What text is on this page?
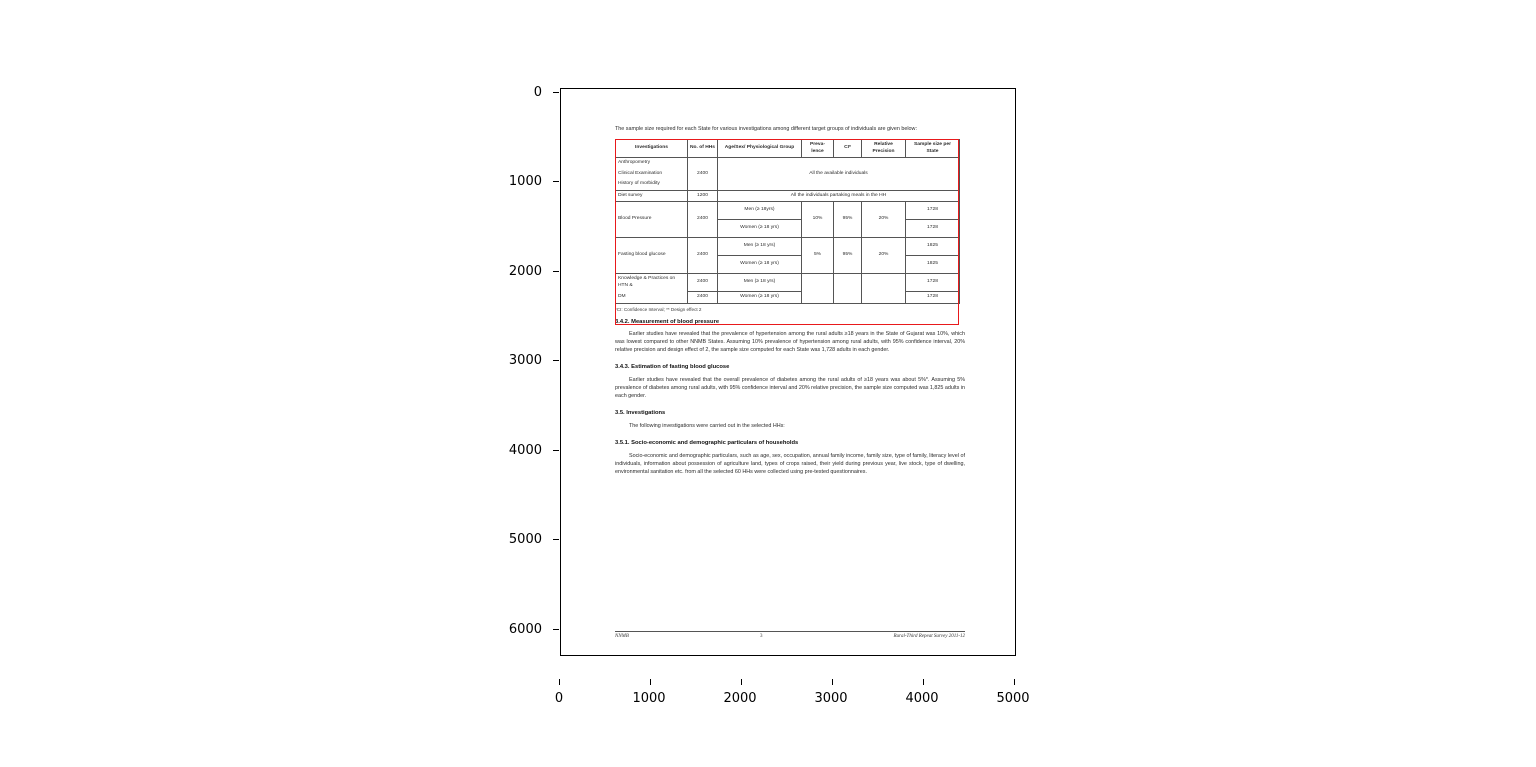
0
1000
2000
3000
4000
5000
6000
0	1000	2000	3000	4000	5000

The sample size required for each State for various investigations among different target groups of individuals are given below:

Investigations	No. of HHs	Age/Sex/ Physiological Group	Preva- lence	CI*	Relative Precision	Sample size per State
Anthropometry						
Clinical Examination	2400	All the available individuals				
History of morbidity						
Diet survey	1200	All the individuals partaking meals in the HH				
Blood Pressure	2400	Men (≥ 18yrs)	10%	95%	20%	1728
		Women (≥ 18 yrs)				1728
Fasting blood glucose	2400	Men (≥ 18 yrs)	5%	95%	20%	1825
		Women (≥ 18 yrs)				1825
Knowledge & Practices on HTN &	2400	Men (≥ 18 yrs)				1728
DM	2400	Women (≥ 18 yrs)				1728
*CI: Confidence Interval; ** Design effect 2
3.4.2. Measurement of blood pressure

Earlier studies have revealed that the prevalence of hypertension among the rural adults ≥18 years in the State of Gujarat was 10%, which was lowest compared to other NNMB States. Assuming 10% prevalence of hypertension among rural adults, with 95% confidence interval, 20% relative precision and design effect of 2, the sample size computed for each State was 1,728 adults in each gender.

3.4.3. Estimation of fasting blood glucose

Earlier studies have revealed that the overall prevalence of diabetes among the rural adults of ≥18 years was about 5%*. Assuming 5% prevalence of diabetes among rural adults, with 95% confidence interval and 20% relative precision, the sample size computed was 1,825 adults in each gender.

3.5. Investigations

The following investigations were carried out in the selected HHs:

3.5.1. Socio-economic and demographic particulars of households

Socio-economic and demographic particulars, such as age, sex, occupation, annual family income, family size, type of family, literacy level of individuals, information about possession of agriculture land, types of crops raised, their yield during previous year, live stock, type of dwelling, environmental sanitation etc. from all the selected 60 HHs were collected using pre-tested questionnaires.

NNMB	3	Rural-Third Repeat Survey 2011-12
